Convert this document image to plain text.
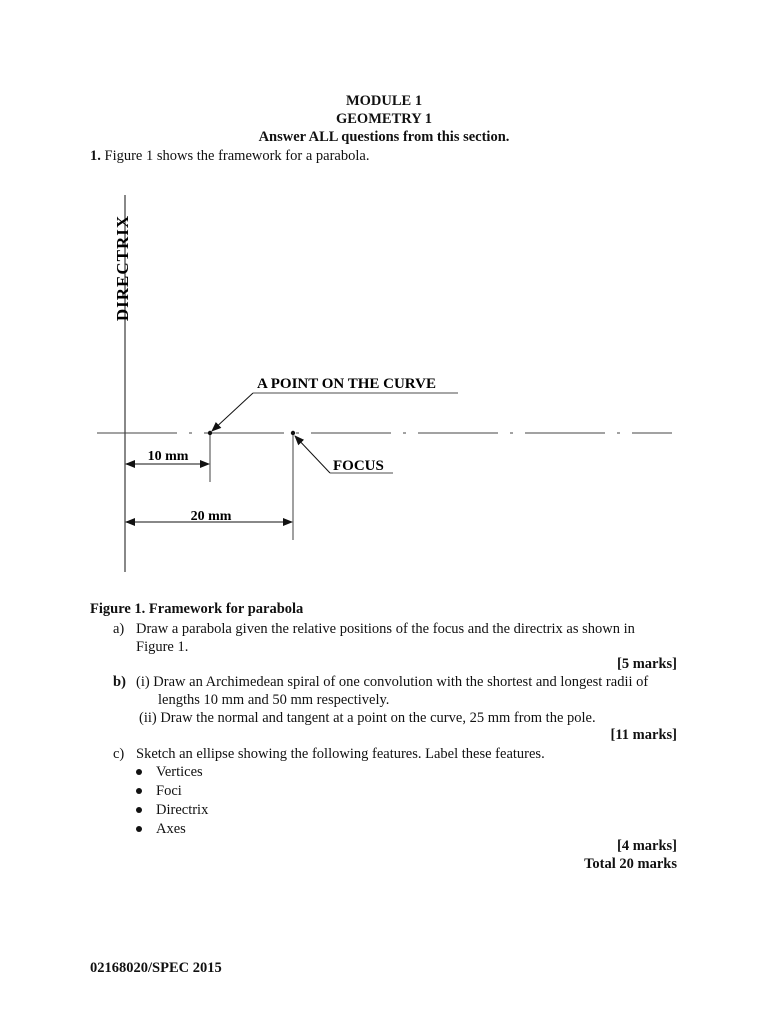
MODULE 1
GEOMETRY 1
Answer ALL questions from this section.
1. Figure 1 shows the framework for a parabola.
DIRECTRIX
A POINT ON THE CURVE
FOCUS
10 mm
20 mm
Figure 1. Framework for parabola
a) Draw a parabola given the relative positions of the focus and the directrix as shown in
Figure 1.
[5 marks]
b) (i) Draw an Archimedean spiral of one convolution with the shortest and longest radii of
lengths 10 mm and 50 mm respectively.
(ii) Draw the normal and tangent at a point on the curve, 25 mm from the pole.
[11 marks]
c) Sketch an ellipse showing the following features. Label these features.
Vertices
Foci
Directrix
Axes
[4 marks]
Total 20 marks
02168020/SPEC 2015
